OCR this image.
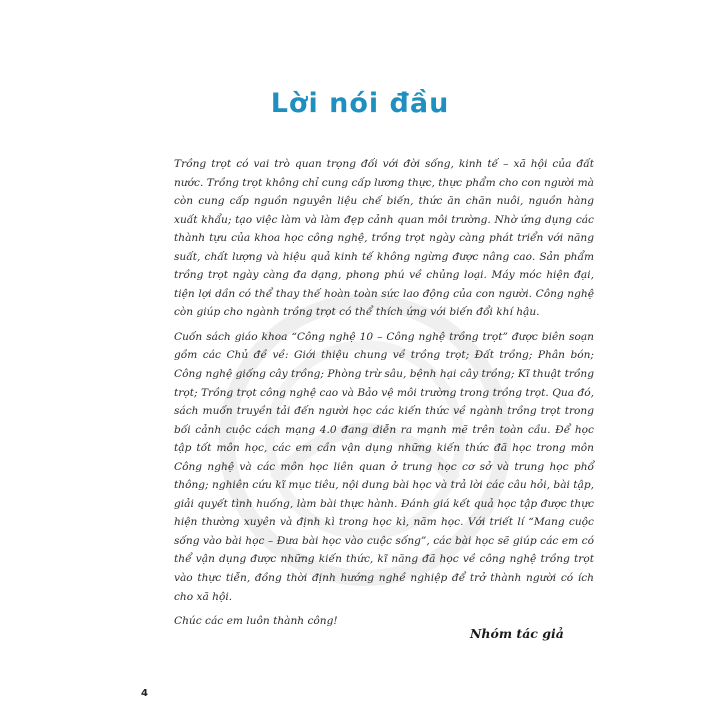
Lời nói đầu

Trồng trọt có vai trò quan trọng đối với đời sống, kinh tế – xã hội của đất nước. Trồng trọt không chỉ cung cấp lương thực, thực phẩm cho con người mà còn cung cấp nguồn nguyên liệu chế biến, thức ăn chăn nuôi, nguồn hàng xuất khẩu; tạo việc làm và làm đẹp cảnh quan môi trường. Nhờ ứng dụng các thành tựu của khoa học công nghệ, trồng trọt ngày càng phát triển với năng suất, chất lượng và hiệu quả kinh tế không ngừng được nâng cao. Sản phẩm trồng trọt ngày càng đa dạng, phong phú về chủng loại. Máy móc hiện đại, tiện lợi dần có thể thay thế hoàn toàn sức lao động của con người. Công nghệ còn giúp cho ngành trồng trọt có thể thích ứng với biến đổi khí hậu.

Cuốn sách giáo khoa “Công nghệ 10 – Công nghệ trồng trọt” được biên soạn gồm các Chủ đề về: Giới thiệu chung về trồng trọt; Đất trồng; Phân bón; Công nghệ giống cây trồng; Phòng trừ sâu, bệnh hại cây trồng; Kĩ thuật trồng trọt; Trồng trọt công nghệ cao và Bảo vệ môi trường trong trồng trọt. Qua đó, sách muốn truyền tải đến người học các kiến thức về ngành trồng trọt trong bối cảnh cuộc cách mạng 4.0 đang diễn ra mạnh mẽ trên toàn cầu. Để học tập tốt môn học, các em cần vận dụng những kiến thức đã học trong môn Công nghệ và các môn học liên quan ở trung học cơ sở và trung học phổ thông; nghiên cứu kĩ mục tiêu, nội dung bài học và trả lời các câu hỏi, bài tập, giải quyết tình huống, làm bài thực hành. Đánh giá kết quả học tập được thực hiện thường xuyên và định kì trong học kì, năm học. Với triết lí “Mang cuộc sống vào bài học – Đưa bài học vào cuộc sống”, các bài học sẽ giúp các em có thể vận dụng được những kiến thức, kĩ năng đã học về công nghệ trồng trọt vào thực tiễn, đồng thời định hướng nghề nghiệp để trở thành người có ích cho xã hội.

Chúc các em luôn thành công!

Nhóm tác giả
4
